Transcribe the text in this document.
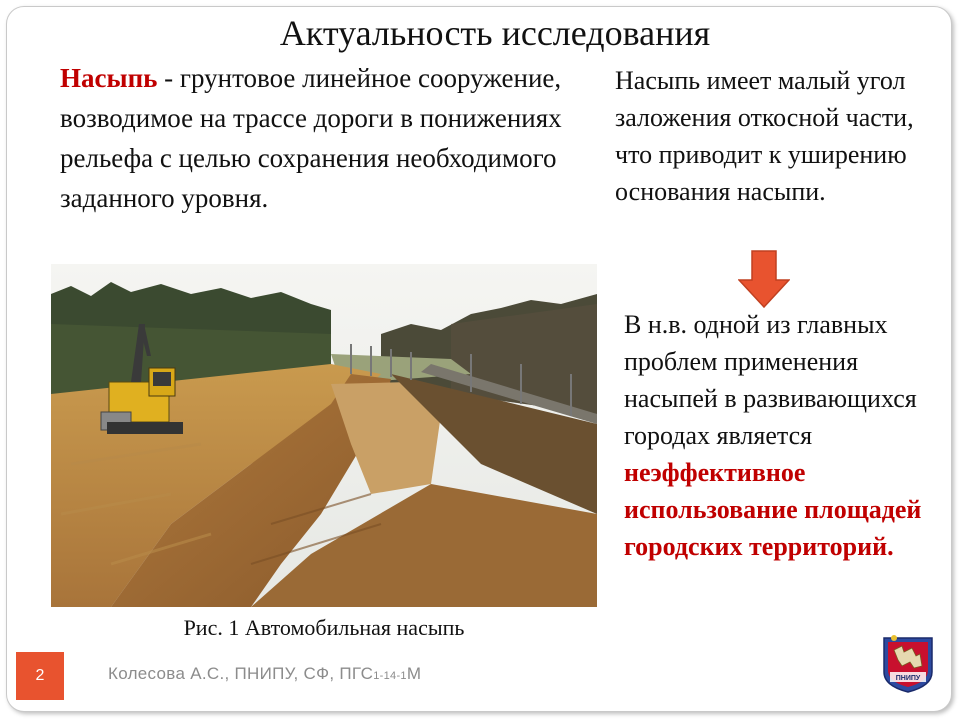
Актуальность исследования
Насыпь - грунтовое линейное сооружение, возводимое на трассе дороги в понижениях рельефа с целью сохранения необходимого заданного уровня.
Насыпь имеет малый угол заложения откосной части, что приводит к уширению основания насыпи.
В н.в. одной из главных проблем применения насыпей в развивающихся городах является неэффективное использование площадей городских территорий.
Рис. 1 Автомобильная насыпь
2	Колесова А.С., ПНИПУ, СФ, ПГС1-14-1М	ПНИПУ
